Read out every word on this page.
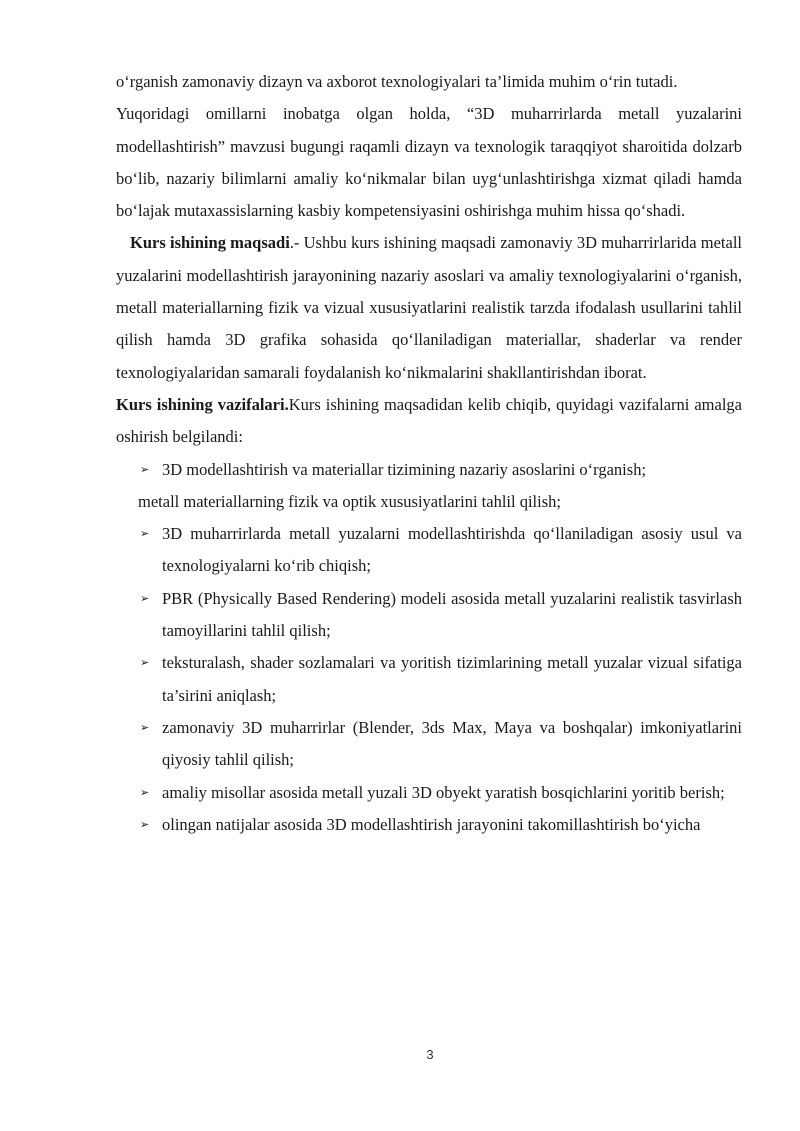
o‘rganish zamonaviy dizayn va axborot texnologiyalari ta’limida muhim o‘rin tutadi.

Yuqoridagi omillarni inobatga olgan holda, “3D muharrirlarda metall yuzalarini modellashtirish” mavzusi bugungi raqamli dizayn va texnologik taraqqiyot sharoitida dolzarb bo‘lib, nazariy bilimlarni amaliy ko‘nikmalar bilan uyg‘unlashtirishga xizmat qiladi hamda bo‘lajak mutaxassislarning kasbiy kompetensiyasini oshirishga muhim hissa qo‘shadi.

Kurs ishining maqsadi.- Ushbu kurs ishining maqsadi zamonaviy 3D muharrirlarida metall yuzalarini modellashtirish jarayonining nazariy asoslari va amaliy texnologiyalarini o‘rganish, metall materiallarning fizik va vizual xususiyatlarini realistik tarzda ifodalash usullarini tahlil qilish hamda 3D grafika sohasida qo‘llaniladigan materiallar, shaderlar va render texnologiyalaridan samarali foydalanish ko‘nikmalarini shakllantirishdan iborat.

Kurs ishining vazifalari.Kurs ishining maqsadidan kelib chiqib, quyidagi vazifalarni amalga oshirish belgilandi:

➢ 3D modellashtirish va materiallar tizimining nazariy asoslarini o‘rganish;

metall materiallarning fizik va optik xususiyatlarini tahlil qilish;

➢ 3D muharrirlarda metall yuzalarni modellashtirishda qo‘llaniladigan asosiy usul va texnologiyalarni ko‘rib chiqish;
➢ PBR (Physically Based Rendering) modeli asosida metall yuzalarini realistik tasvirlash tamoyillarini tahlil qilish;
➢ teksturalash, shader sozlamalari va yoritish tizimlarining metall yuzalar vizual sifatiga ta’sirini aniqlash;
➢ zamonaviy 3D muharrirlar (Blender, 3ds Max, Maya va boshqalar) imkoniyatlarini qiyosiy tahlil qilish;
➢ amaliy misollar asosida metall yuzali 3D obyekt yaratish bosqichlarini yoritib berish;
➢ olingan natijalar asosida 3D modellashtirish jarayonini takomillashtirish bo‘yicha
3
